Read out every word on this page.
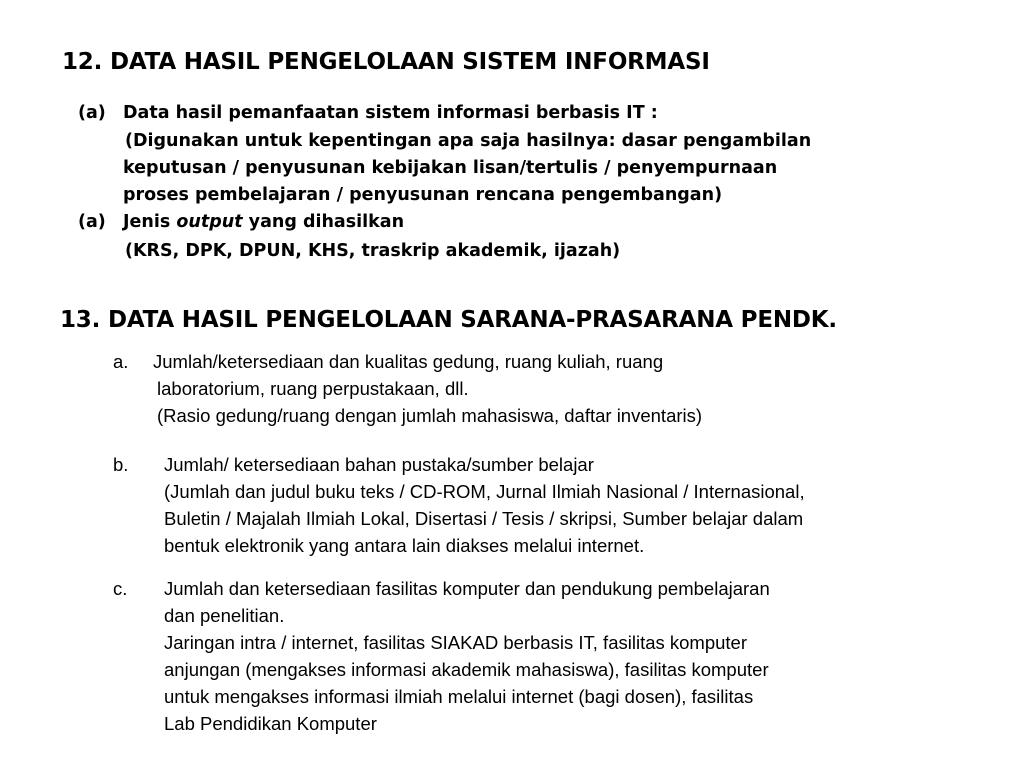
12. DATA HASIL PENGELOLAAN SISTEM INFORMASI
(a) Data hasil pemanfaatan sistem informasi berbasis IT :
(Digunakan untuk kepentingan apa saja hasilnya: dasar pengambilan
keputusan / penyusunan kebijakan lisan/tertulis / penyempurnaan
proses pembelajaran / penyusunan rencana pengembangan)
(a) Jenis output yang dihasilkan
(KRS, DPK, DPUN, KHS, traskrip akademik, ijazah)
13. DATA HASIL PENGELOLAAN SARANA-PRASARANA PENDK.
a. Jumlah/ketersediaan dan kualitas gedung, ruang kuliah, ruang
laboratorium, ruang perpustakaan, dll.
(Rasio gedung/ruang dengan jumlah mahasiswa, daftar inventaris)
b. Jumlah/ ketersediaan bahan pustaka/sumber belajar
(Jumlah dan judul buku teks / CD-ROM, Jurnal Ilmiah Nasional / Internasional,
Buletin / Majalah Ilmiah Lokal, Disertasi / Tesis / skripsi, Sumber belajar dalam
bentuk elektronik yang antara lain diakses melalui internet.
c. Jumlah dan ketersediaan fasilitas komputer dan pendukung pembelajaran
dan penelitian.
Jaringan intra / internet, fasilitas SIAKAD berbasis IT, fasilitas komputer
anjungan (mengakses informasi akademik mahasiswa), fasilitas komputer
untuk mengakses informasi ilmiah melalui internet (bagi dosen), fasilitas
Lab Pendidikan Komputer
